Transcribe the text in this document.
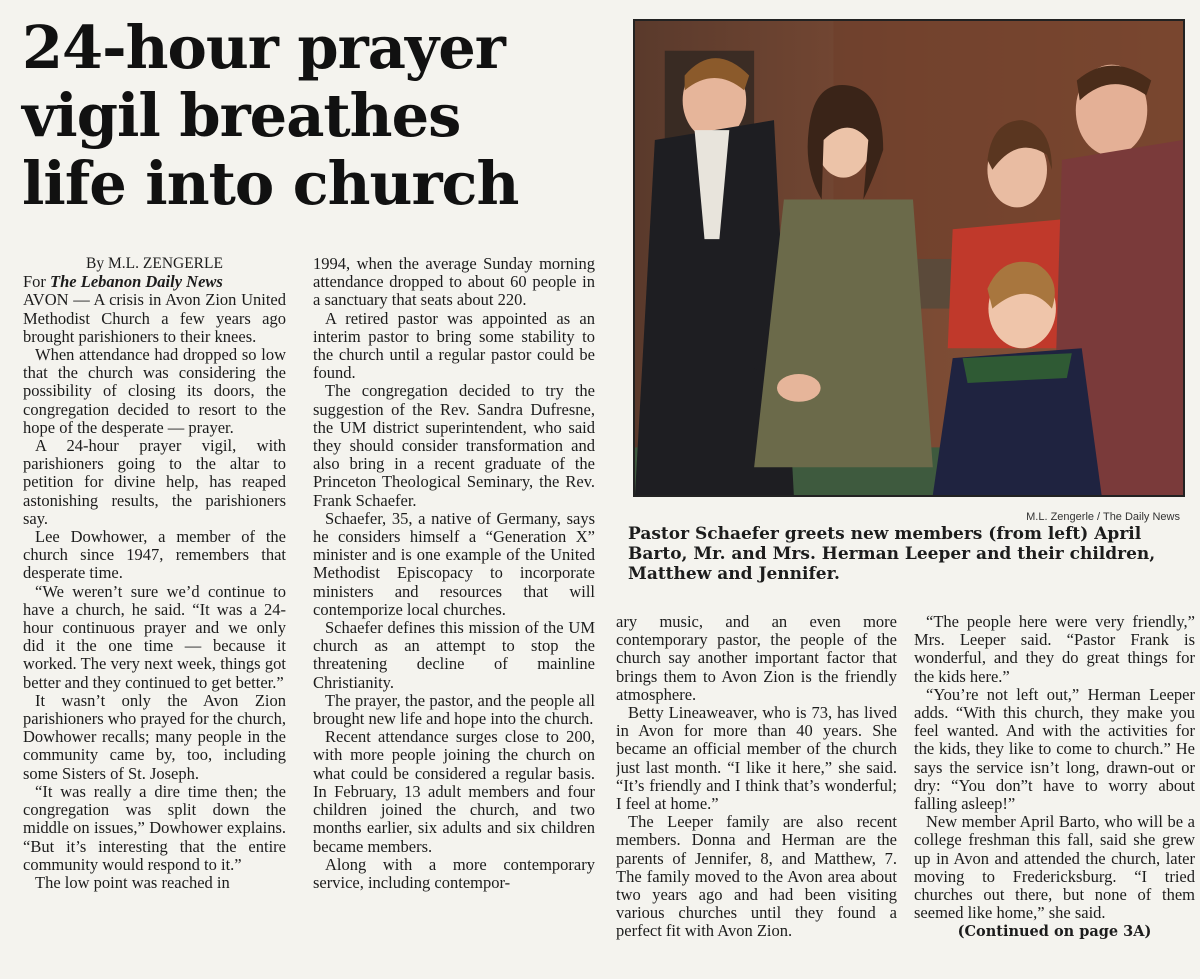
24-hour prayer
vigil breathes
life into church
M.L. Zengerle / The Daily News

Pastor Schaefer greets new members (from left) April Barto, Mr. and Mrs. Herman Leeper and their children, Matthew and Jennifer.

By M.L. ZENGERLE
For The Lebanon Daily News

AVON — A crisis in Avon Zion United Methodist Church a few years ago brought parishioners to their knees.

When attendance had dropped so low that the church was considering the possibility of closing its doors, the congregation decided to resort to the hope of the desperate — prayer.

A 24-hour prayer vigil, with parishioners going to the altar to petition for divine help, has reaped astonishing results, the parishioners say.

Lee Dowhower, a member of the church since 1947, remembers that desperate time.

“We weren’t sure we’d continue to have a church, he said. “It was a 24-hour continuous prayer and we only did it the one time — because it worked. The very next week, things got better and they continued to get better.”

It wasn’t only the Avon Zion parishioners who prayed for the church, Dowhower recalls; many people in the community came by, too, including some Sisters of St. Joseph.

“It was really a dire time then; the congregation was split down the middle on issues,” Dowhower explains. “But it’s interesting that the entire community would respond to it.”

The low point was reached in

1994, when the average Sunday morning attendance dropped to about 60 people in a sanctuary that seats about 220.

A retired pastor was appointed as an interim pastor to bring some stability to the church until a regular pastor could be found.

The congregation decided to try the suggestion of the Rev. Sandra Dufresne, the UM district superintendent, who said they should consider transformation and also bring in a recent graduate of the Princeton Theological Seminary, the Rev. Frank Schaefer.

Schaefer, 35, a native of Germany, says he considers himself a “Generation X” minister and is one example of the United Methodist Episcopacy to incorporate ministers and resources that will contemporize local churches.

Schaefer defines this mission of the UM church as an attempt to stop the threatening decline of mainline Christianity.

The prayer, the pastor, and the people all brought new life and hope into the church.

Recent attendance surges close to 200, with more people joining the church on what could be considered a regular basis. In February, 13 adult members and four children joined the church, and two months earlier, six adults and six children became members.

Along with a more contemporary service, including contempor-

ary music, and an even more contemporary pastor, the people of the church say another important factor that brings them to Avon Zion is the friendly atmosphere.

Betty Lineaweaver, who is 73, has lived in Avon for more than 40 years. She became an official member of the church just last month. “I like it here,” she said. “It’s friendly and I think that’s wonderful; I feel at home.”

The Leeper family are also recent members. Donna and Herman are the parents of Jennifer, 8, and Matthew, 7. The family moved to the Avon area about two years ago and had been visiting various churches until they found a perfect fit with Avon Zion.

“The people here were very friendly,” Mrs. Leeper said. “Pastor Frank is wonderful, and they do great things for the kids here.”

“You’re not left out,” Herman Leeper adds. “With this church, they make you feel wanted. And with the activities for the kids, they like to come to church.” He says the service isn’t long, drawn-out or dry: “You don”t have to worry about falling asleep!”

New member April Barto, who will be a college freshman this fall, said she grew up in Avon and attended the church, later moving to Fredericksburg. “I tried churches out there, but none of them seemed like home,” she said.

(Continued on page 3A)
